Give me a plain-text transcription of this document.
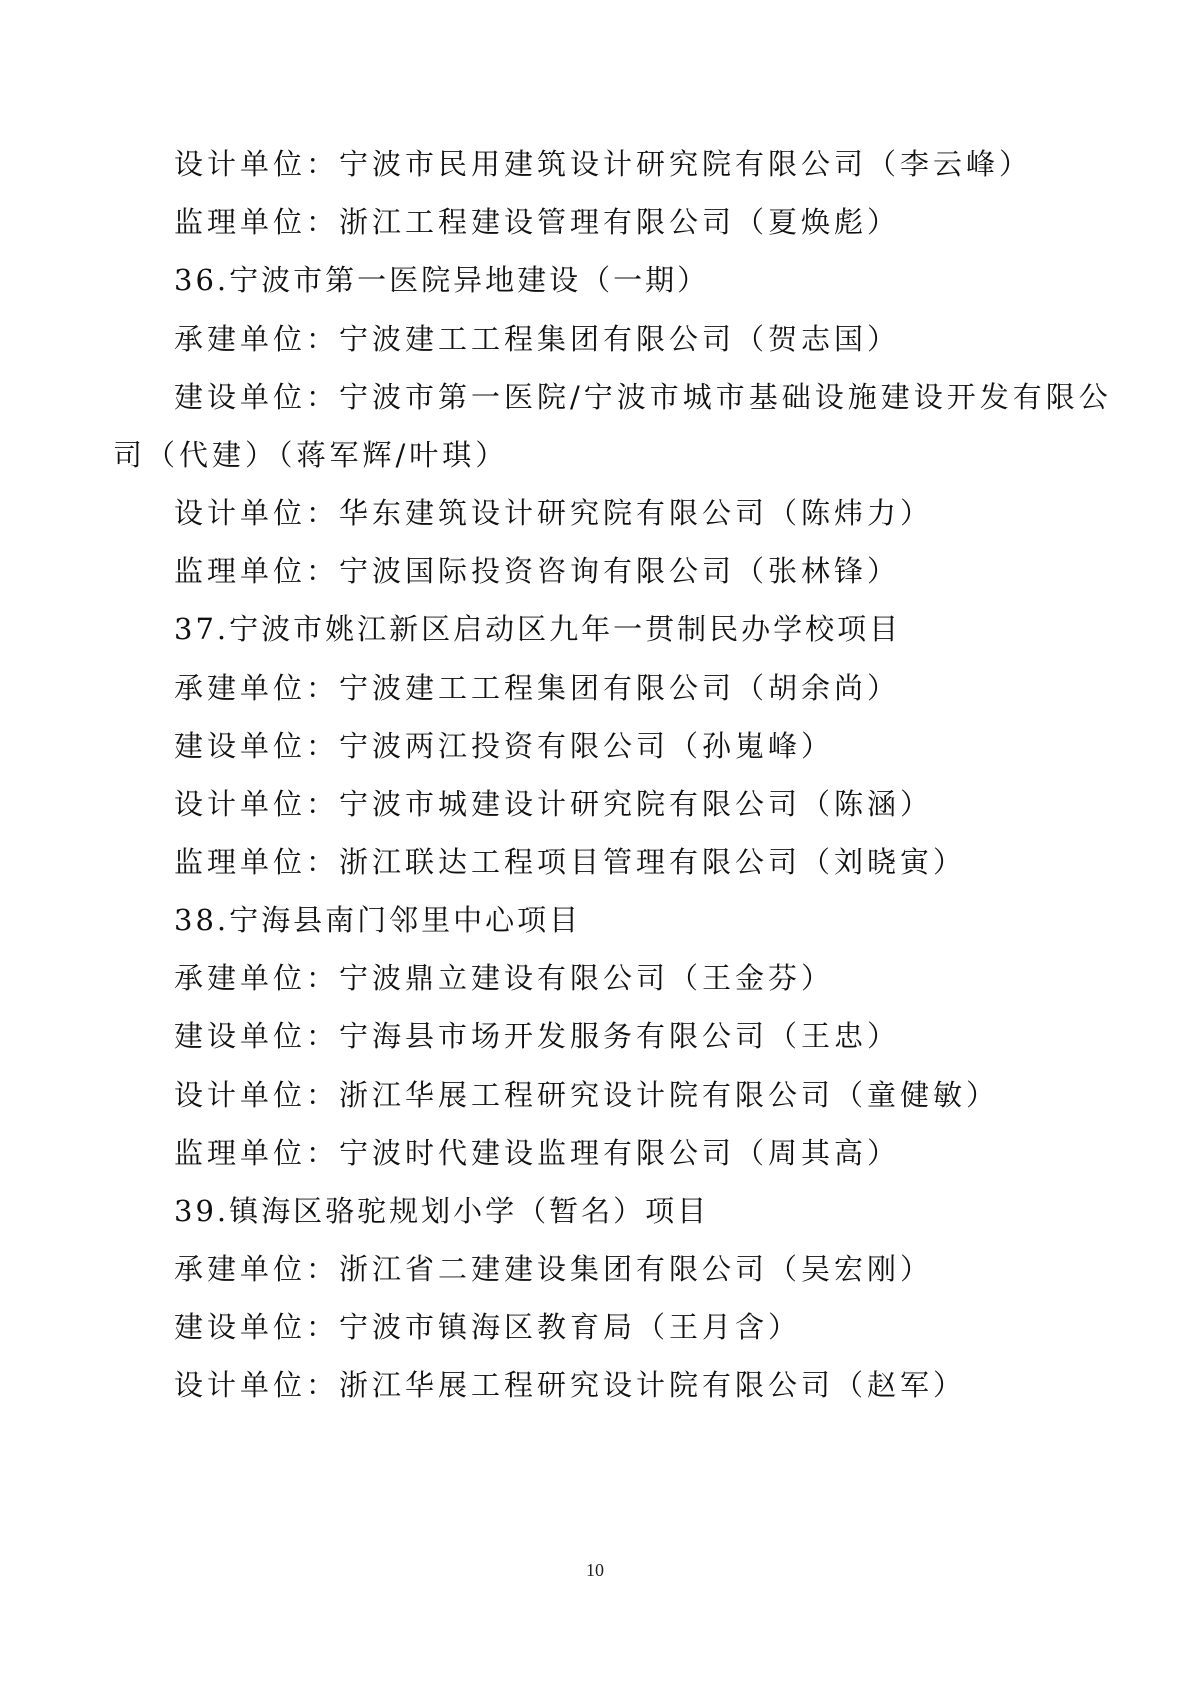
设计单位：宁波市民用建筑设计研究院有限公司（李云峰）
监理单位：浙江工程建设管理有限公司（夏焕彪）
36.宁波市第一医院异地建设（一期）
承建单位：宁波建工工程集团有限公司（贺志国）
建设单位：宁波市第一医院/宁波市城市基础设施建设开发有限公
司（代建）（蒋军辉/叶琪）
设计单位：华东建筑设计研究院有限公司（陈炜力）
监理单位：宁波国际投资咨询有限公司（张林锋）
37.宁波市姚江新区启动区九年一贯制民办学校项目
承建单位：宁波建工工程集团有限公司（胡余尚）
建设单位：宁波两江投资有限公司（孙嵬峰）
设计单位：宁波市城建设计研究院有限公司（陈涵）
监理单位：浙江联达工程项目管理有限公司（刘晓寅）
38.宁海县南门邻里中心项目
承建单位：宁波鼎立建设有限公司（王金芬）
建设单位：宁海县市场开发服务有限公司（王忠）
设计单位：浙江华展工程研究设计院有限公司（童健敏）
监理单位：宁波时代建设监理有限公司（周其高）
39.镇海区骆驼规划小学（暂名）项目
承建单位：浙江省二建建设集团有限公司（吴宏刚）
建设单位：宁波市镇海区教育局（王月含）
设计单位：浙江华展工程研究设计院有限公司（赵军）
10
